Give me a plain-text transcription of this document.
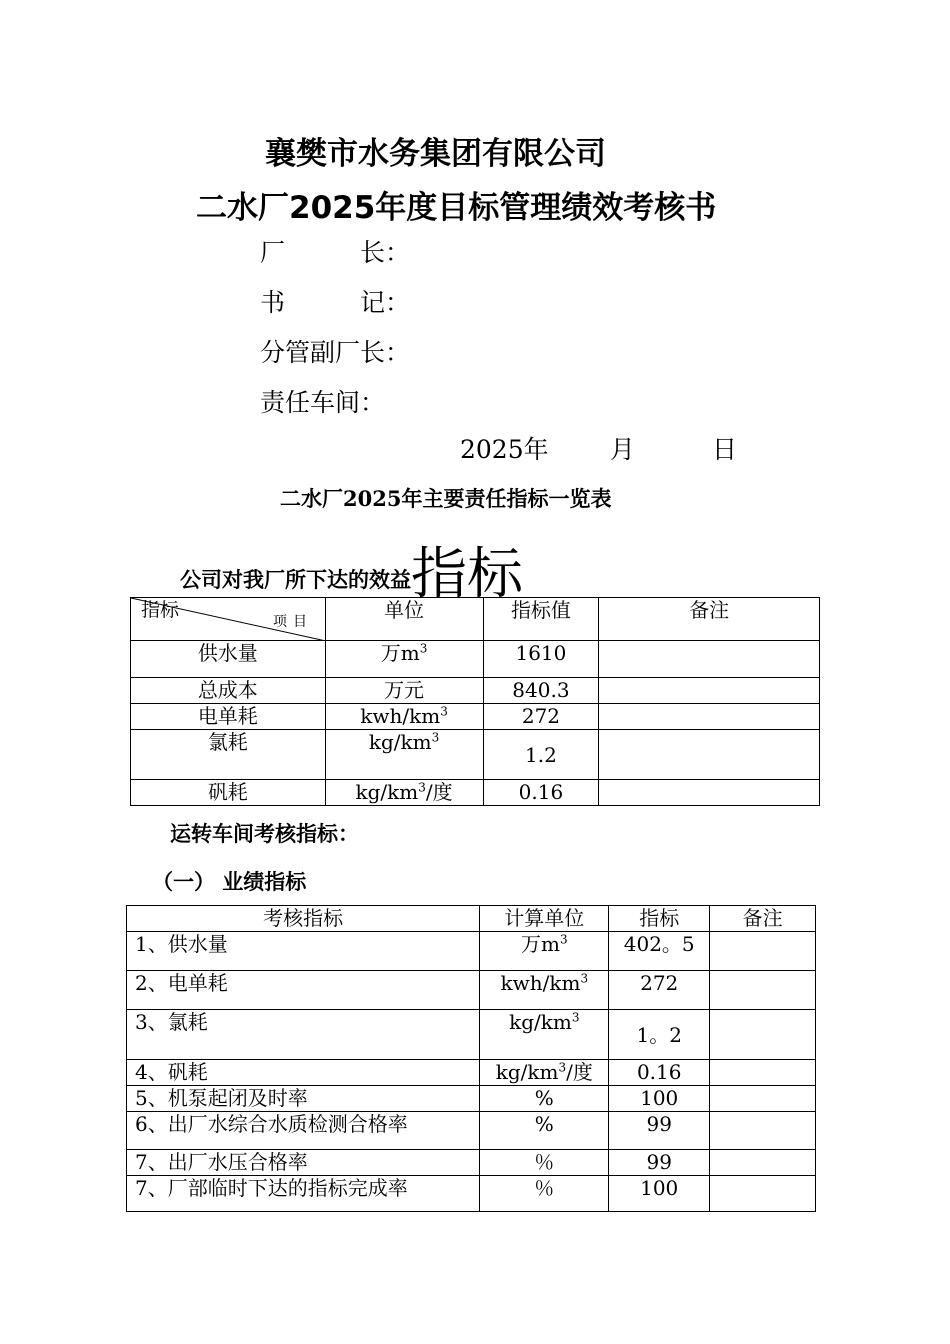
襄樊市水务集团有限公司
二水厂2025年度目标管理绩效考核书
厂　　　长：
书　　　记：
分管副厂长：
责任车间：
2025年 月	日
二水厂2025年主要责任指标一览表
公司对我厂所下达的效益指标
指标
项目	单位	指标值	备注
供水量	万$m^3$	1610	
总成本	万元	840.3	
电单耗	kwh/$km^3$	272	
氯耗	$kg/km^3$	1.2	
矾耗	$kg/km^3/$度	0.16	
运转车间考核指标：
（一） 业绩指标
考核指标	计算单位	指标	备注
1、供水量	万$m^3$	402。5	
2、电单耗	kwh/$km^3$	272	
3、氯耗	$kg/km^3$	1。2	
4、矾耗	$kg/km^3/$度	0.16	
5、机泵起闭及时率	%	100	
6、出厂水综合水质检测合格率	%	99	
7、出厂水压合格率	％	99	
7、厂部临时下达的指标完成率	％	100	
